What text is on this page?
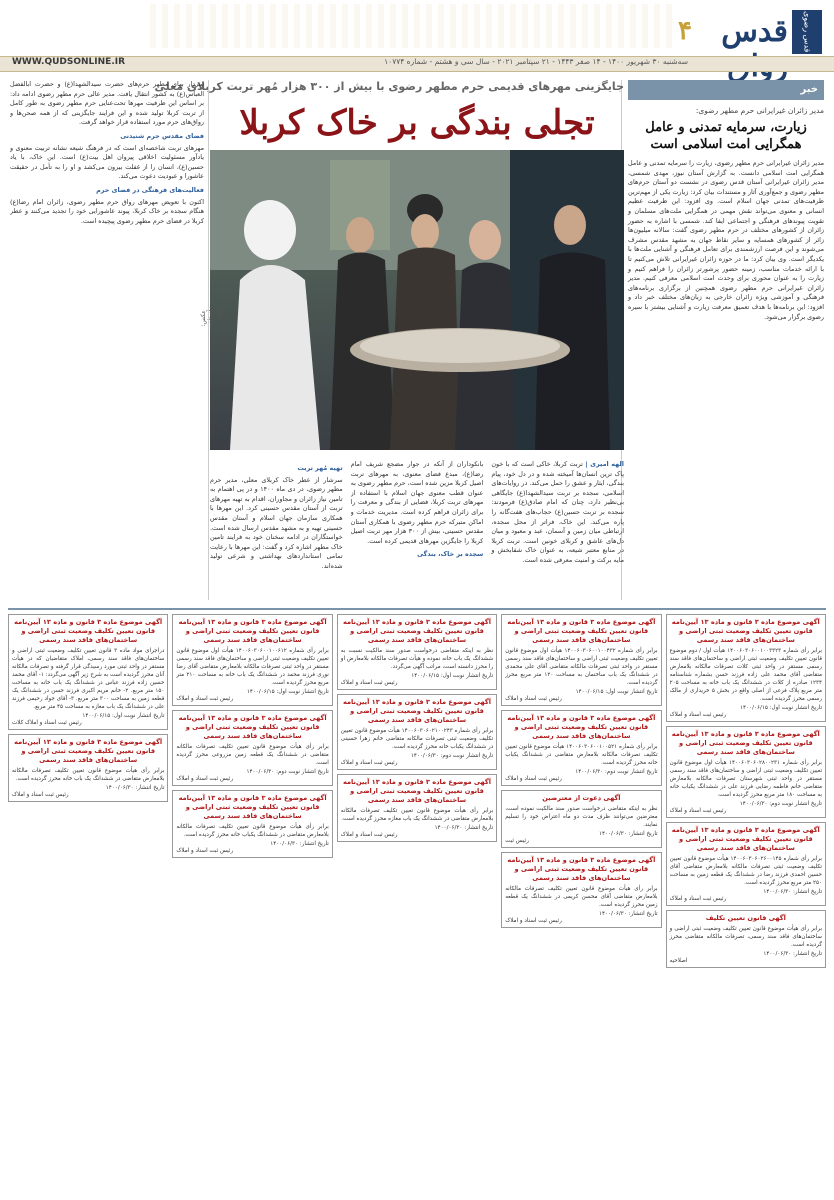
قدس رضوی
قدس
۴
WWW.QUDSONLINE.IR	سه‌شنبه ۳۰ شهریور ۱۴۰۰ - ۱۴ صفر ۱۴۴۳ - ۲۱ سپتامبر ۲۰۲۱ - سال سی و هشتم - شماره ۱۰۷۷۴
خبر
مدیر زائران غیرایرانی حرم مطهر رضوی:
زیارت، سرمایه تمدنی و عامل همگرایی امت اسلامی است
مدیر زائران غیرایرانی حرم مطهر رضوی، زیارت را سرمایه تمدنی و عامل همگرایی امت اسلامی دانست. به گزارش آستان نیوز، مهدی شمسی، مدیر زائران غیرایرانی آستان قدس رضوی در نشست دو آستان حرم‌های مطهر رضوی و جمع‌آوری آثار و مستندات بیان کرد: زیارت یکی از مهم‌ترین ظرفیت‌های تمدنی جهان اسلام است. وی افزود: این ظرفیت عظیم انسانی و معنوی می‌تواند نقش مهمی در همگرایی ملت‌های مسلمان و تقویت پیوندهای فرهنگی و اجتماعی ایفا کند. شمسی با اشاره به حضور زائران از کشورهای مختلف در حرم مطهر رضوی گفت: سالانه میلیون‌ها زائر از کشورهای همسایه و سایر نقاط جهان به مشهد مقدس مشرف می‌شوند و این فرصت ارزشمندی برای تعامل فرهنگی و آشنایی ملت‌ها با یکدیگر است. وی بیان کرد: ما در حوزه زائران غیرایرانی تلاش می‌کنیم تا با ارائه خدمات مناسب، زمینه حضور پرشورتر زائران را فراهم کنیم و زیارت را به عنوان محوری برای وحدت امت اسلامی معرفی کنیم. مدیر زائران غیرایرانی حرم مطهر رضوی همچنین از برگزاری برنامه‌های فرهنگی و آموزشی ویژه زائران خارجی به زبان‌های مختلف خبر داد و افزود: این برنامه‌ها با هدف تعمیق معرفت زیارت و آشنایی بیشتر با سیره رضوی برگزار می‌شود.
جایگزینی مهرهای قدیمی حرم مطهر رضوی با بیش از ۳۰۰ هزار مُهر تربت کربلای معلی
تجلی بندگی بر خاک کربلا

عکس: آستان نیوز
الهه امیری | تربت کربلا، خاکی است که با خون پاک ترین انسان‌ها آمیخته شده و در دل خود، پیام بندگی، ایثار و عشق را حمل می‌کند. در روایات‌های اسلامی، سجده بر تربت سیدالشهدا(ع) جایگاهی بی‌نظیر دارد، چنان که امام صادق(ع) فرمودند: سجده بر تربت حسین(ع) حجاب‌های هفت‌گانه را پاره می‌کند. این خاک، فراتر از محل سجده، ارتباطی میان زمین و آسمان، عبد و معبود و میان دل‌های عاشق و کربلای خونین است. تربت کربلا در منابع معتبر شیعه، به عنوان خاک شفابخش و مایه برکت و امنیت معرفی شده است.
بانکوداران از آنکه در جوار مضجع شریف امام رضا(ع)، مبدع فضای معنوی، به مهرهای تربت اصیل کربلا مزین شده است، حرم مطهر رضوی به عنوان قطب معنوی جهان اسلام با استفاده از مهرهای تربت کربلا، فضایی از بندگی و معرفت را برای زائران فراهم کرده است. مدیریت خدمات و اماکن متبرکه حرم مطهر رضوی با همکاری آستان مقدس حسینی، بیش از ۳۰۰ هزار مهر تربت اصیل کربلا را جایگزین مهرهای قدیمی کرده است.
سجده بر خاک، بندگی
تهیه مُهر تربت
سرشار از عطر خاک کربلای معلی، مدیر حرم مطهر رضوی، در دی ماه ۱۴۰۰ و در پی اهتمام به تامین نیاز زائران و مجاوران، اقدام به تهیه مهرهای تربت از آستان مقدس حسینی کرد. این مهرها با همکاری سازمان جهان اسلام و آستان مقدس حسینی تهیه و به مشهد مقدس ارسال شده است. خواستگاران در ادامه سخنان خود به فرایند تامین خاک مطهر اشاره کرد و گفت: این مهرها با رعایت تمامی استانداردهای بهداشتی و شرعی تولید شده‌اند.
سردار بهای مطهر حرم‌های حضرت سیدالشهدا(ع) و حضرت ابالفضل العباس(ع) به کشور انتقال یافت. مدیر عالی حرم مطهر رضوی ادامه داد: بر اساس این ظرفیت مهرها تحت‌عنایی حرم مطهر رضوی به طور کامل از تربت کربلا تولید شده و این فرایند جایگزینی که از همه صحن‌ها و رواق‌های حرم مورد استفاده قرار خواهد گرفت.
فضای مقدس حرم شنیدنی
مهرهای تربت شاخصه‌ای است که در فرهنگ شیعه نشانه تربیت معنوی و یادآور مسئولیت اخلاقی پیروان اهل بیت(ع) است. این خاک، با یاد حسین(ع)، انسان را از غفلت بیرون می‌کشد و او را به تأمل در حقیقت عاشورا و عبودیت دعوت می‌کند.
فعالیت‌های فرهنگی در فضای حرم
اکنون با تعویض مهرهای رواق حرم مطهر رضوی، زائران امام رضا(ع) هنگام سجده بر خاک کربلا، پیوند عاشورایی خود را تجدید می‌کنند و عطر کربلا در فضای حرم مطهر رضوی پیچیده است.
آگهی موضوع ماده ۳ قانون و ماده ۱۳ آیین‌نامه قانون تعیین تکلیف وضعیت ثبتی اراضی و ساختمان‌های فاقد سند رسمی
برابر رأی شماره ۱۴۰۰۶۰۳۰۶۰۰۱۰۰۳۳۲۳ هیأت اول / دوم موضوع قانون تعیین تکلیف وضعیت ثبتی اراضی و ساختمان‌های فاقد سند رسمی مستقر در واحد ثبتی کلات تصرفات مالکانه بلامعارض متقاضی آقای محمد علی زاده فرزند حسن بشماره شناسنامه ۱۲۳۴ صادره از کلات در ششدانگ یک باب خانه به مساحت ۲۰۵ متر مربع پلاک فرعی از اصلی واقع در بخش ۵ خریداری از مالک رسمی محرز گردیده است.
تاریخ انتشار نوبت اول: ۱۴۰۰/۰۶/۱۵
رئیس ثبت اسناد و املاک
آگهی موضوع ماده ۳ قانون و ماده ۱۳ آیین‌نامه قانون تعیین تکلیف وضعیت ثبتی اراضی و ساختمان‌های فاقد سند رسمی
برابر رأی شماره ۱۴۰۰۶۰۳۰۶۰۲۸۰۰۲۳۱ هیأت اول موضوع قانون تعیین تکلیف وضعیت ثبتی اراضی و ساختمان‌های فاقد سند رسمی مستقر در واحد ثبتی شهرستان تصرفات مالکانه بلامعارض متقاضی خانم فاطمه رضایی فرزند علی در ششدانگ یکباب خانه به مساحت ۱۸۰ متر مربع محرز گردیده است.
تاریخ انتشار نوبت دوم: ۱۴۰۰/۰۶/۳۰
رئیس ثبت اسناد و املاک
آگهی موضوع ماده ۳ قانون و ماده ۱۳ آیین‌نامه قانون تعیین تکلیف وضعیت ثبتی اراضی و ساختمان‌های فاقد سند رسمی
برابر رأی شماره ۱۴۰۰۶۰۳۰۶۰۲۶۰۰۱۴۵ هیأت موضوع قانون تعیین تکلیف وضعیت ثبتی تصرفات مالکانه بلامعارض متقاضی آقای حسین احمدی فرزند رضا در ششدانگ یک قطعه زمین به مساحت ۲۵۰ متر مربع محرز گردیده است.
تاریخ انتشار: ۱۴۰۰/۰۶/۳۰
رئیس ثبت اسناد و املاک
آگهی قانون تعیین تکلیف
برابر رأی هیأت موضوع قانون تعیین تکلیف وضعیت ثبتی اراضی و ساختمان‌های فاقد سند رسمی، تصرفات مالکانه متقاضی محرز گردیده است.
تاریخ انتشار: ۱۴۰۰/۰۶/۳۰
اصلاحیه
آگهی موضوع ماده ۳ قانون و ماده ۱۳ آیین‌نامه قانون تعیین تکلیف وضعیت ثبتی اراضی و ساختمان‌های فاقد سند رسمی
برابر رأی شماره ۱۴۰۰۶۰۳۰۶۰۰۱۰۰۴۳۲ هیأت اول موضوع قانون تعیین تکلیف وضعیت ثبتی اراضی و ساختمان‌های فاقد سند رسمی مستقر در واحد ثبتی تصرفات مالکانه متقاضی آقای علی محمدی در ششدانگ یک باب ساختمان به مساحت ۱۲۰ متر مربع محرز گردیده است.
تاریخ انتشار نوبت اول: ۱۴۰۰/۰۶/۱۵
رئیس ثبت اسناد و املاک
آگهی موضوع ماده ۳ قانون و ماده ۱۳ آیین‌نامه قانون تعیین تکلیف وضعیت ثبتی اراضی و ساختمان‌های فاقد سند رسمی
برابر رأی شماره ۱۴۰۰۶۰۳۰۶۰۰۱۰۰۵۲۱ هیأت موضوع قانون تعیین تکلیف تصرفات مالکانه بلامعارض متقاضی در ششدانگ یکباب خانه محرز گردیده است.
تاریخ انتشار نوبت دوم: ۱۴۰۰/۰۶/۳۰
رئیس ثبت اسناد و املاک
آگهی دعوت از معترضین
نظر به اینکه متقاضی درخواست صدور سند مالکیت نموده است، معترضین می‌توانند ظرف مدت دو ماه اعتراض خود را تسلیم نمایند.
تاریخ انتشار: ۱۴۰۰/۰۶/۳۰
رئیس ثبت
آگهی موضوع ماده ۳ قانون و ماده ۱۳ آیین‌نامه قانون تعیین تکلیف وضعیت ثبتی اراضی و ساختمان‌های فاقد سند رسمی
برابر رأی هیأت موضوع قانون تعیین تکلیف تصرفات مالکانه بلامعارض متقاضی آقای محسن کریمی در ششدانگ یک قطعه زمین محرز گردیده است.
تاریخ انتشار: ۱۴۰۰/۰۶/۳۰
رئیس ثبت اسناد و املاک
آگهی موضوع ماده ۳ قانون و ماده ۱۳ آیین‌نامه قانون تعیین تکلیف وضعیت ثبتی اراضی و ساختمان‌های فاقد سند رسمی
نظر به اینکه متقاضی درخواست صدور سند مالکیت نسبت به ششدانگ یک باب خانه نموده و هیأت تصرفات مالکانه بلامعارض او را محرز دانسته است، مراتب آگهی می‌گردد.
تاریخ انتشار نوبت اول: ۱۴۰۰/۰۶/۱۵
رئیس ثبت اسناد و املاک
آگهی موضوع ماده ۳ قانون و ماده ۱۳ آیین‌نامه قانون تعیین تکلیف وضعیت ثبتی اراضی و ساختمان‌های فاقد سند رسمی
برابر رأی شماره ۱۴۰۰۶۰۳۰۶۰۲۱۰۰۲۴۳ هیأت موضوع قانون تعیین تکلیف وضعیت ثبتی تصرفات مالکانه متقاضی خانم زهرا حسینی در ششدانگ یکباب خانه محرز گردیده است.
تاریخ انتشار نوبت دوم: ۱۴۰۰/۰۶/۳۰
رئیس ثبت اسناد و املاک
آگهی موضوع ماده ۳ قانون و ماده ۱۳ آیین‌نامه قانون تعیین تکلیف وضعیت ثبتی اراضی و ساختمان‌های فاقد سند رسمی
برابر رأی هیأت موضوع قانون تعیین تکلیف تصرفات مالکانه بلامعارض متقاضی در ششدانگ یک باب مغازه محرز گردیده است.
تاریخ انتشار: ۱۴۰۰/۰۶/۳۰
رئیس ثبت اسناد و املاک
آگهی موضوع ماده ۳ قانون و ماده ۱۳ آیین‌نامه قانون تعیین تکلیف وضعیت ثبتی اراضی و ساختمان‌های فاقد سند رسمی
برابر رأی شماره ۱۴۰۰۶۰۳۰۶۰۰۱۰۰۶۱۲ هیأت اول موضوع قانون تعیین تکلیف وضعیت ثبتی اراضی و ساختمان‌های فاقد سند رسمی مستقر در واحد ثبتی تصرفات مالکانه بلامعارض متقاضی آقای رضا نوری فرزند محمد در ششدانگ یک باب خانه به مساحت ۲۱۰ متر مربع محرز گردیده است.
تاریخ انتشار نوبت اول: ۱۴۰۰/۰۶/۱۵
رئیس ثبت اسناد و املاک
آگهی موضوع ماده ۳ قانون و ماده ۱۳ آیین‌نامه قانون تعیین تکلیف وضعیت ثبتی اراضی و ساختمان‌های فاقد سند رسمی
برابر رأی هیأت موضوع قانون تعیین تکلیف تصرفات مالکانه متقاضی در ششدانگ یک قطعه زمین مزروعی محرز گردیده است.
تاریخ انتشار نوبت دوم: ۱۴۰۰/۰۶/۳۰
رئیس ثبت اسناد و املاک
آگهی موضوع ماده ۳ قانون و ماده ۱۳ آیین‌نامه قانون تعیین تکلیف وضعیت ثبتی اراضی و ساختمان‌های فاقد سند رسمی
برابر رأی هیأت موضوع قانون تعیین تکلیف تصرفات مالکانه بلامعارض متقاضی در ششدانگ یکباب خانه محرز گردیده است.
تاریخ انتشار: ۱۴۰۰/۰۶/۳۰
رئیس ثبت اسناد و املاک
آگهی موضوع ماده ۳ قانون و ماده ۱۳ آیین‌نامه قانون تعیین تکلیف وضعیت ثبتی اراضی و ساختمان‌های فاقد سند رسمی
دراجرای مواد ماده ۳ قانون تعیین تکلیف وضعیت ثبتی اراضی و ساختمان‌های فاقد سند رسمی، املاک متقاضیان که در هیأت مستقر در واحد ثبتی مورد رسیدگی قرار گرفته و تصرفات مالکانه آنان محرز گردیده است به شرح زیر آگهی می‌گردد: ۱- آقای محمد حسین زاده فرزند عباس در ششدانگ یک باب خانه به مساحت ۱۵۰ متر مربع. ۲- خانم مریم اکبری فرزند حسن در ششدانگ یک قطعه زمین به مساحت ۳۰۰ متر مربع. ۳- آقای جواد رحیمی فرزند علی در ششدانگ یک باب مغازه به مساحت ۴۵ متر مربع.
تاریخ انتشار نوبت اول: ۱۴۰۰/۰۶/۱۵
رئیس ثبت اسناد و املاک کلات
آگهی موضوع ماده ۳ قانون و ماده ۱۳ آیین‌نامه قانون تعیین تکلیف وضعیت ثبتی اراضی و ساختمان‌های فاقد سند رسمی
برابر رأی هیأت موضوع قانون تعیین تکلیف تصرفات مالکانه بلامعارض متقاضی در ششدانگ یک باب خانه محرز گردیده است.
تاریخ انتشار: ۱۴۰۰/۰۶/۳۰
رئیس ثبت اسناد و املاک
